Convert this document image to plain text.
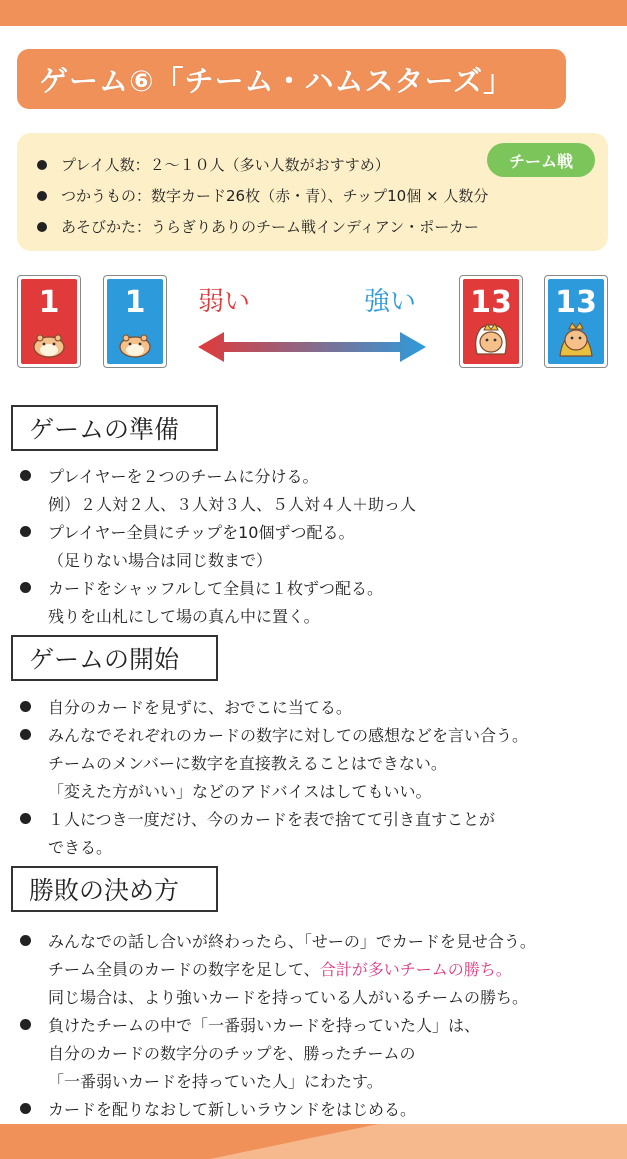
ゲーム⑥「チーム・ハムスターズ」
プレイ人数：２～１０人（多い人数がおすすめ）
つかうもの：数字カード26枚（赤・青）、チップ10個 × 人数分
あそびかた：うらぎりありのチーム戦インディアン・ポーカー
チーム戦
1 1	13 13
弱い	強い
ゲームの準備
プレイヤーを２つのチームに分ける。
例）２人対２人、３人対３人、５人対４人＋助っ人
プレイヤー全員にチップを10個ずつ配る。
（足りない場合は同じ数まで）
カードをシャッフルして全員に１枚ずつ配る。
残りを山札にして場の真ん中に置く。
ゲームの開始
自分のカードを見ずに、おでこに当てる。
みんなでそれぞれのカードの数字に対しての感想などを言い合う。
チームのメンバーに数字を直接教えることはできない。
「変えた方がいい」などのアドバイスはしてもいい。
１人につき一度だけ、今のカードを表で捨てて引き直すことが
できる。
勝敗の決め方
みんなでの話し合いが終わったら、「せーの」でカードを見せ合う。
チーム全員のカードの数字を足して、 合計が多いチームの勝ち。
同じ場合は、より強いカードを持っている人がいるチームの勝ち。
負けたチームの中で「一番弱いカードを持っていた人」は、
自分のカードの数字分のチップを、勝ったチームの
「一番弱いカードを持っていた人」にわたす。
カードを配りなおして新しいラウンドをはじめる。
